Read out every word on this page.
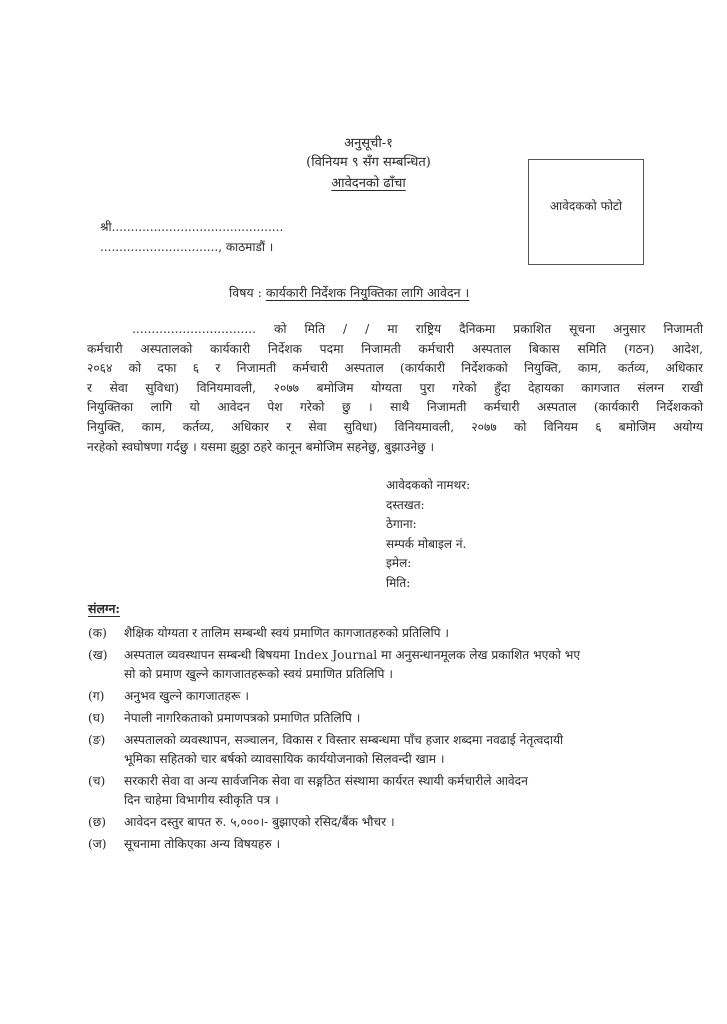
अनुसूची-१
(विनियम ९ सँग सम्बन्धित)
आवेदनको ढाँचा
आवेदकको फोटो
श्री.............................................
..............................., काठमाडौं ।
विषय : कार्यकारी निर्देशक नियुक्तिका लागि आवेदन ।
................................ को मिति / / मा राष्ट्रिय दैनिकमा प्रकाशित सूचना अनुसार निजामती
कर्मचारी अस्पतालको कार्यकारी निर्देशक पदमा निजामती कर्मचारी अस्पताल बिकास समिति (गठन) आदेश,
२०६४ को दफा ६ र निजामती कर्मचारी अस्पताल (कार्यकारी निर्देशकको नियुक्ति, काम, कर्तव्य, अधिकार
र सेवा सुविधा) विनियमावली, २०७७ बमोजिम योग्यता पुरा गरेको हुँदा देहायका कागजात संलग्न राखी
नियुक्तिका लागि यो आवेदन पेश गरेको छु । साथै निजामती कर्मचारी अस्पताल (कार्यकारी निर्देशकको
नियुक्ति, काम, कर्तव्य, अधिकार र सेवा सुविधा) विनियमावली, २०७७ को विनियम ६ बमोजिम अयोग्य
नरहेको स्वघोषणा गर्दछु । यसमा झुठ्ठा ठहरे कानून बमोजिम सहनेछु, बुझाउनेछु ।
आवेदकको नामथर:
दस्तखत:
ठेगाना:
सम्पर्क मोबाइल नं.
इमेल:
मिति:
संलग्न:
(क)	शैक्षिक योग्यता र तालिम सम्बन्धी स्वयं प्रमाणित कागजातहरुको प्रतिलिपि ।
(ख)	अस्पताल व्यवस्थापन सम्बन्धी बिषयमा Index Journal मा अनुसन्धानमूलक लेख प्रकाशित भएको भए
सो को प्रमाण खुल्ने कागजातहरूको स्वयं प्रमाणित प्रतिलिपि ।
(ग)	अनुभव खुल्ने कागजातहरू ।
(घ)	नेपाली नागरिकताको प्रमाणपत्रको प्रमाणित प्रतिलिपि ।
(ङ)	अस्पतालको व्यवस्थापन, सञ्चालन, विकास र विस्तार सम्बन्धमा पाँच हजार शब्दमा नवढाई नेतृत्वदायी
भूमिका सहितको चार बर्षको व्यावसायिक कार्ययोजनाको सिलवन्दी खाम ।
(च)	सरकारी सेवा वा अन्य सार्वजनिक सेवा वा सङ्गठित संस्थामा कार्यरत स्थायी कर्मचारीले आवेदन
दिन चाहेमा विभागीय स्वीकृति पत्र ।
(छ)	आवेदन दस्तुर बापत रु. ५,०००।- बुझाएको रसिद/बैंक भौचर ।
(ज)	सूचनामा तोकिएका अन्य विषयहरु ।
